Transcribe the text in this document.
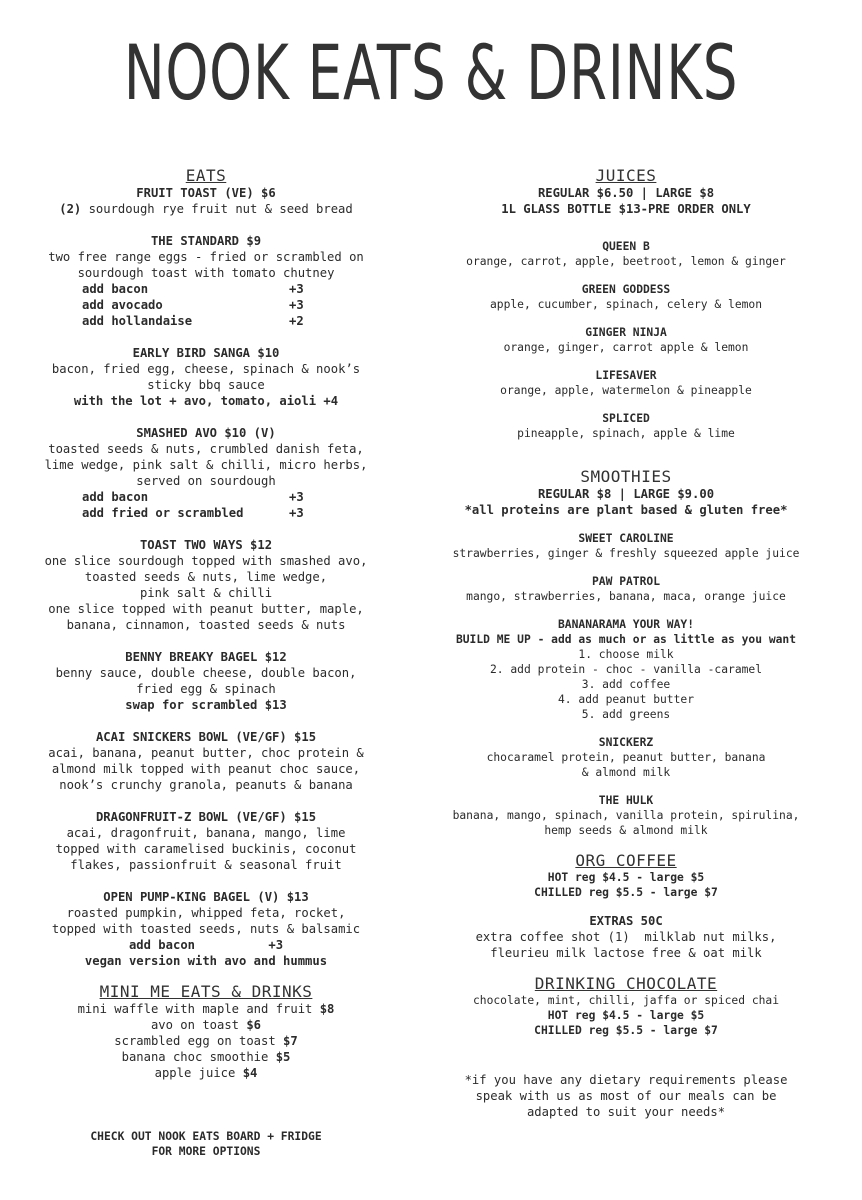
NOOK EATS & DRINKS
EATS
FRUIT TOAST (VE) $6
(2) sourdough rye fruit nut & seed bread
THE STANDARD $9
two free range eggs - fried or scrambled on
sourdough toast with tomato chutney
add bacon	+3
add avocado	+3
add hollandaise	+2
EARLY BIRD SANGA $10
bacon, fried egg, cheese, spinach & nook’s
sticky bbq sauce
with the lot + avo, tomato, aioli +4
SMASHED AVO $10 (V)
toasted seeds & nuts, crumbled danish feta,
lime wedge, pink salt & chilli, micro herbs,
served on sourdough
add bacon	+3
add fried or scrambled	+3
TOAST TWO WAYS $12
one slice sourdough topped with smashed avo,
toasted seeds & nuts, lime wedge,
pink salt & chilli
one slice topped with peanut butter, maple,
banana, cinnamon, toasted seeds & nuts
BENNY BREAKY BAGEL $12
benny sauce, double cheese, double bacon,
fried egg & spinach
swap for scrambled $13
ACAI SNICKERS BOWL (VE/GF) $15
acai, banana, peanut butter, choc protein &
almond milk topped with peanut choc sauce,
nook’s crunchy granola, peanuts & banana
DRAGONFRUIT-Z BOWL (VE/GF) $15
acai, dragonfruit, banana, mango, lime
topped with caramelised buckinis, coconut
flakes, passionfruit & seasonal fruit
OPEN PUMP-KING BAGEL (V) $13
roasted pumpkin, whipped feta, rocket,
topped with toasted seeds, nuts & balsamic
add bacon          +3
vegan version with avo and hummus
MINI ME EATS & DRINKS
mini waffle with maple and fruit $8
avo on toast $6
scrambled egg on toast $7
banana choc smoothie $5
apple juice $4
CHECK OUT NOOK EATS BOARD + FRIDGE
FOR MORE OPTIONS
JUICES
REGULAR $6.50 | LARGE $8
1L GLASS BOTTLE $13-PRE ORDER ONLY
QUEEN B
orange, carrot, apple, beetroot, lemon & ginger
GREEN GODDESS
apple, cucumber, spinach, celery & lemon
GINGER NINJA
orange, ginger, carrot apple & lemon
LIFESAVER
orange, apple, watermelon & pineapple
SPLICED
pineapple, spinach, apple & lime
SMOOTHIES
REGULAR $8 | LARGE $9.00
*all proteins are plant based & gluten free*
SWEET CAROLINE
strawberries, ginger & freshly squeezed apple juice
PAW PATROL
mango, strawberries, banana, maca, orange juice
BANANARAMA YOUR WAY!
BUILD ME UP - add as much or as little as you want
1. choose milk
2. add protein - choc - vanilla -caramel
3. add coffee
4. add peanut butter
5. add greens
SNICKERZ
chocaramel protein, peanut butter, banana
& almond milk
THE HULK
banana, mango, spinach, vanilla protein, spirulina,
hemp seeds & almond milk
ORG COFFEE
HOT reg $4.5 - large $5
CHILLED reg $5.5 - large $7
EXTRAS 50C
extra coffee shot (1)  milklab nut milks,
fleurieu milk lactose free & oat milk
DRINKING CHOCOLATE
chocolate, mint, chilli, jaffa or spiced chai
HOT reg $4.5 - large $5
CHILLED reg $5.5 - large $7
*if you have any dietary requirements please
speak with us as most of our meals can be
adapted to suit your needs*
